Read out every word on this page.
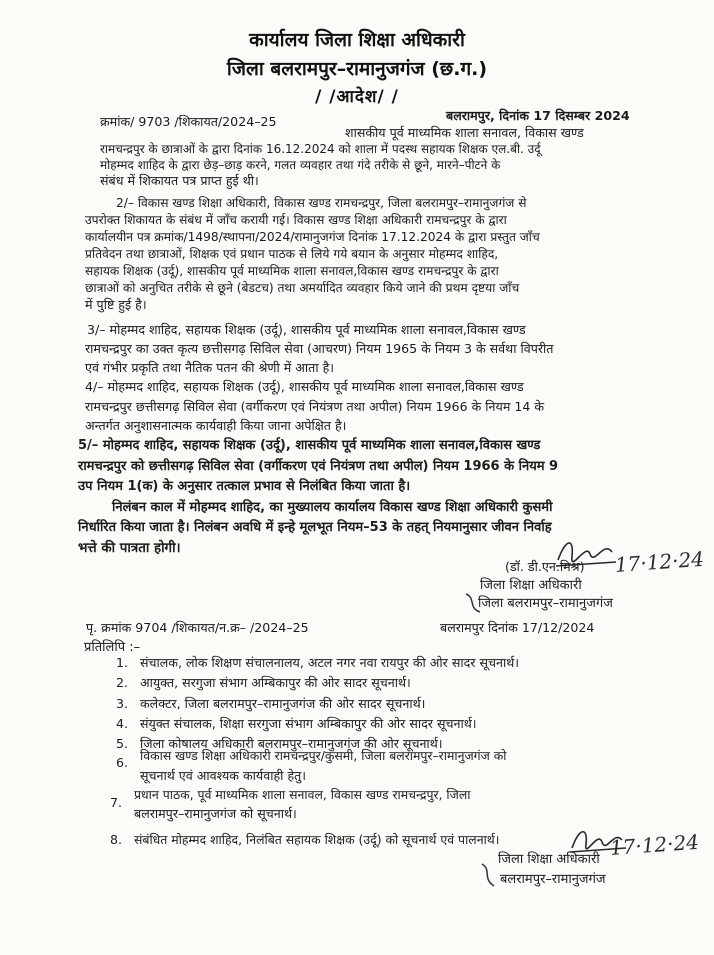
कार्यालय जिला शिक्षा अधिकारी
जिला बलरामपुर–रामानुजगंज (छ.ग.)
/ /आदेश/ /
क्रमांक/ 9703 /शिकायत/2024–25	बलरामपुर, दिनांक 17 दिसम्बर 2024
शासकीय पूर्व माध्यमिक शाला सनावल, विकास खण्ड
रामचन्द्रपुर के छात्राओं के द्वारा दिनांक 16.12.2024 को शाला में पदस्थ सहायक शिक्षक एल.बी. उर्दू
मोहम्मद शाहिद के द्वारा छेड़–छाड़ करने, गलत व्यवहार तथा गंदे तरीके से छूने, मारने–पीटने के
संबंध में शिकायत पत्र प्राप्त हुई थी।
2/– विकास खण्ड शिक्षा अधिकारी, विकास खण्ड रामचन्द्रपुर, जिला बलरामपुर–रामानुजगंज से
उपरोक्त शिकायत के संबंध में जाँच करायी गई। विकास खण्ड शिक्षा अधिकारी रामचन्द्रपुर के द्वारा
कार्यालयीन पत्र क्रमांक/1498/स्थापना/2024/रामानुजगंज दिनांक 17.12.2024 के द्वारा प्रस्तुत जाँच
प्रतिवेदन तथा छात्राओं, शिक्षक एवं प्रधान पाठक से लिये गये बयान के अनुसार मोहम्मद शाहिद,
सहायक शिक्षक (उर्दू), शासकीय पूर्व माध्यमिक शाला सनावल,विकास खण्ड रामचन्द्रपुर के द्वारा
छात्राओं को अनुचित तरीके से छूने (बेडटच) तथा अमर्यादित व्यवहार किये जाने की प्रथम दृष्टया जाँच
में पुष्टि हुई है।
3/– मोहम्मद शाहिद, सहायक शिक्षक (उर्दू), शासकीय पूर्व माध्यमिक शाला सनावल,विकास खण्ड
रामचन्द्रपुर का उक्त कृत्य छत्तीसगढ़ सिविल सेवा (आचरण) नियम 1965 के नियम 3 के सर्वथा विपरीत
एवं गंभीर प्रकृति तथा नैतिक पतन की श्रेणी में आता है।
4/– मोहम्मद शाहिद, सहायक शिक्षक (उर्दू), शासकीय पूर्व माध्यमिक शाला सनावल,विकास खण्ड
रामचन्द्रपुर छत्तीसगढ़ सिविल सेवा (वर्गीकरण एवं नियंत्रण तथा अपील) नियम 1966 के नियम 14 के
अन्तर्गत अनुशासनात्मक कार्यवाही किया जाना अपेक्षित है।
5/– मोहम्मद शाहिद, सहायक शिक्षक (उर्दू), शासकीय पूर्व माध्यमिक शाला सनावल,विकास खण्ड
रामचन्द्रपुर को छत्तीसगढ़ सिविल सेवा (वर्गीकरण एवं नियंत्रण तथा अपील) नियम 1966 के नियम 9
उप नियम 1(क) के अनुसार तत्काल प्रभाव से निलंबित किया जाता है।
निलंबन काल में मोहम्मद शाहिद, का मुख्यालय कार्यालय विकास खण्ड शिक्षा अधिकारी कुसमी
निर्धारित किया जाता है। निलंबन अवधि में इन्हे मूलभूत नियम–53 के तहत् नियमानुसार जीवन निर्वाह
भत्ते की पात्रता होगी।	17·12·24
(डॉ. डी.एन.मिश्र)
जिला शिक्षा अधिकारी
जिला बलरामपुर–रामानुजगंज
पृ. क्रमांक 9704 /शिकायत/न.क्र– /2024–25	बलरामपुर दिनांक 17/12/2024
प्रतिलिपि :–
1. संचालक, लोक शिक्षण संचालनालय, अटल नगर नवा रायपुर की ओर सादर सूचनार्थ।
2. आयुक्त, सरगुजा संभाग अम्बिकापुर की ओर सादर सूचनार्थ।
3. कलेक्टर, जिला बलरामपुर–रामानुजगंज की ओर सादर सूचनार्थ।
4. संयुक्त संचालक, शिक्षा सरगुजा संभाग अम्बिकापुर की ओर सादर सूचनार्थ।
5. जिला कोषालय अधिकारी बलरामपुर–रामानुजगंज की ओर सूचनार्थ।
6. विकास खण्ड शिक्षा अधिकारी रामचन्द्रपुर/कुसमी, जिला बलरामपुर–रामानुजगंज को
सूचनार्थ एवं आवश्यक कार्यवाही हेतु।
7.
प्रधान पाठक, पूर्व माध्यमिक शाला सनावल, विकास खण्ड रामचन्द्रपुर, जिला
बलरामपुर–रामानुजगंज को सूचनार्थ।
8. संबंधित मोहम्मद शाहिद, निलंबित सहायक शिक्षक (उर्दू) को सूचनार्थ एवं पालनार्थ।	17·12·24
जिला शिक्षा अधिकारी
बलरामपुर–रामानुजगंज
